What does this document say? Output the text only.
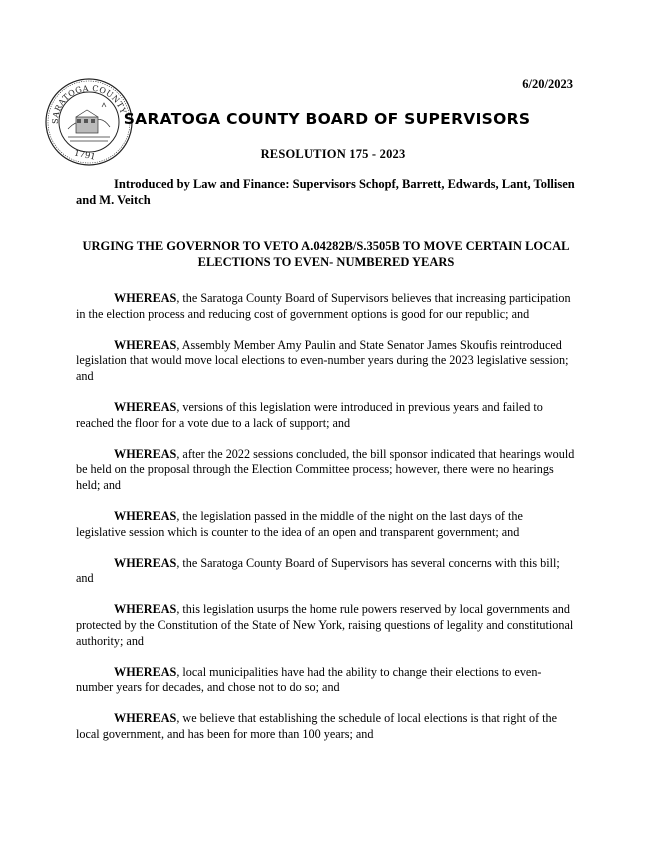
6/20/2023
SARATOGA COUNTY
1791
SARATOGA COUNTY BOARD OF SUPERVISORS
RESOLUTION 175 - 2023
Introduced by Law and Finance: Supervisors Schopf, Barrett, Edwards, Lant, Tollisen and M. Veitch
URGING THE GOVERNOR TO VETO A.04282B/S.3505B TO MOVE CERTAIN LOCAL ELECTIONS TO EVEN- NUMBERED YEARS

WHEREAS, the Saratoga County Board of Supervisors believes that increasing participation in the election process and reducing cost of government options is good for our republic; and

WHEREAS, Assembly Member Amy Paulin and State Senator James Skoufis reintroduced legislation that would move local elections to even-number years during the 2023 legislative session; and

WHEREAS, versions of this legislation were introduced in previous years and failed to reached the floor for a vote due to a lack of support; and

WHEREAS, after the 2022 sessions concluded, the bill sponsor indicated that hearings would be held on the proposal through the Election Committee process; however, there were no hearings held; and

WHEREAS, the legislation passed in the middle of the night on the last days of the legislative session which is counter to the idea of an open and transparent government; and

WHEREAS, the Saratoga County Board of Supervisors has several concerns with this bill; and

WHEREAS, this legislation usurps the home rule powers reserved by local governments and protected by the Constitution of the State of New York, raising questions of legality and constitutional authority; and

WHEREAS, local municipalities have had the ability to change their elections to even-number years for decades, and chose not to do so; and

WHEREAS, we believe that establishing the schedule of local elections is that right of the local government, and has been for more than 100 years; and
